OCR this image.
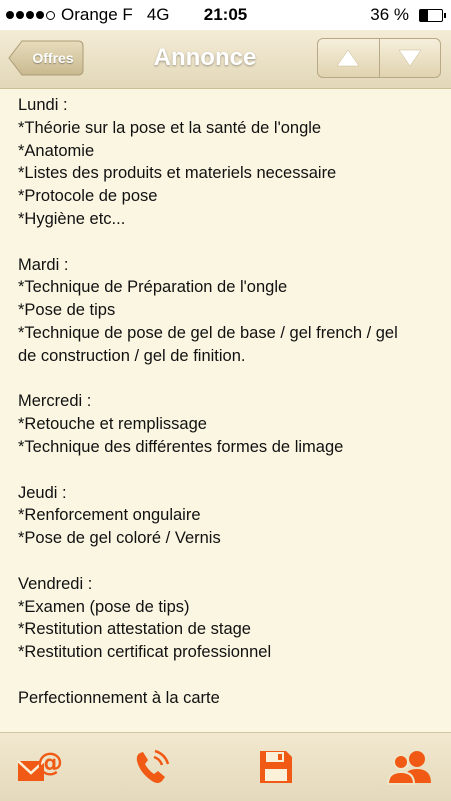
Orange F 4G	21:05	36 %
Offres	Annonce
Lundi :
*Théorie sur la pose et la santé de l'ongle
*Anatomie
*Listes des produits et materiels necessaire
*Protocole de pose
*Hygiène etc...
Mardi :
*Technique de Préparation de l'ongle
*Pose de tips
*Technique de pose de gel de base / gel french / gel
de construction / gel de finition.
Mercredi :
*Retouche et remplissage
*Technique des différentes formes de limage
Jeudi :
*Renforcement ongulaire
*Pose de gel coloré / Vernis
Vendredi :
*Examen (pose de tips)
*Restitution attestation de stage
*Restitution certificat professionnel
Perfectionnement à la carte
@
